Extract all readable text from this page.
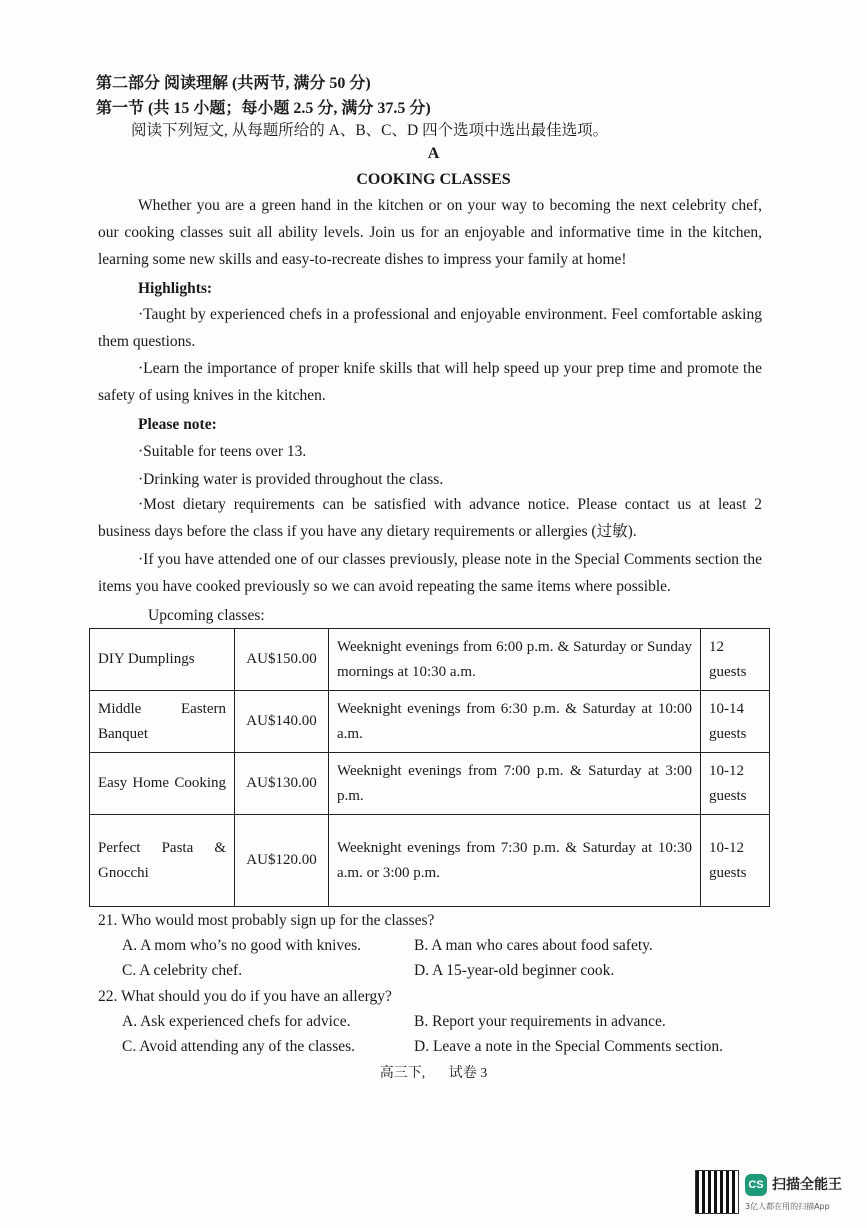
第二部分 阅读理解 (共两节, 满分 50 分)
第一节 (共 15 小题；每小题 2.5 分, 满分 37.5 分)
阅读下列短文, 从每题所给的 A、B、C、D 四个选项中选出最佳选项。
A
COOKING CLASSES
Whether you are a green hand in the kitchen or on your way to becoming the next celebrity chef, our cooking classes suit all ability levels. Join us for an enjoyable and informative time in the kitchen, learning some new skills and easy-to-recreate dishes to impress your family at home!
Highlights:
·Taught by experienced chefs in a professional and enjoyable environment. Feel comfortable asking them questions.
·Learn the importance of proper knife skills that will help speed up your prep time and promote the safety of using knives in the kitchen.
Please note:
·Suitable for teens over 13.
·Drinking water is provided throughout the class.
·Most dietary requirements can be satisfied with advance notice. Please contact us at least 2 business days before the class if you have any dietary requirements or allergies (过敏).
·If you have attended one of our classes previously, please note in the Special Comments section the items you have cooked previously so we can avoid repeating the same items where possible.
Upcoming classes:
DIY Dumplings	AU$150.00	Weeknight evenings from 6:00 p.m. & Saturday or Sunday mornings at 10:30 a.m.	12 guests
Middle Eastern Banquet	AU$140.00	Weeknight evenings from 6:30 p.m. & Saturday at 10:00 a.m.	10-14 guests
Easy Home Cooking	AU$130.00	Weeknight evenings from 7:00 p.m. & Saturday at 3:00 p.m.	10-12 guests
Perfect Pasta & Gnocchi	AU$120.00	Weeknight evenings from 7:30 p.m. & Saturday at 10:30 a.m. or 3:00 p.m.	10-12 guests
21. Who would most probably sign up for the classes?
A. A mom who’s no good with knives.	B. A man who cares about food safety.
C. A celebrity chef.	D. A 15-year-old beginner cook.
22. What should you do if you have an allergy?
A. Ask experienced chefs for advice.	B. Report your requirements in advance.
C. Avoid attending any of the classes.	D. Leave a note in the Special Comments section.
高三下, 试卷 3
CS 扫描全能王
3亿人都在用的扫描App
